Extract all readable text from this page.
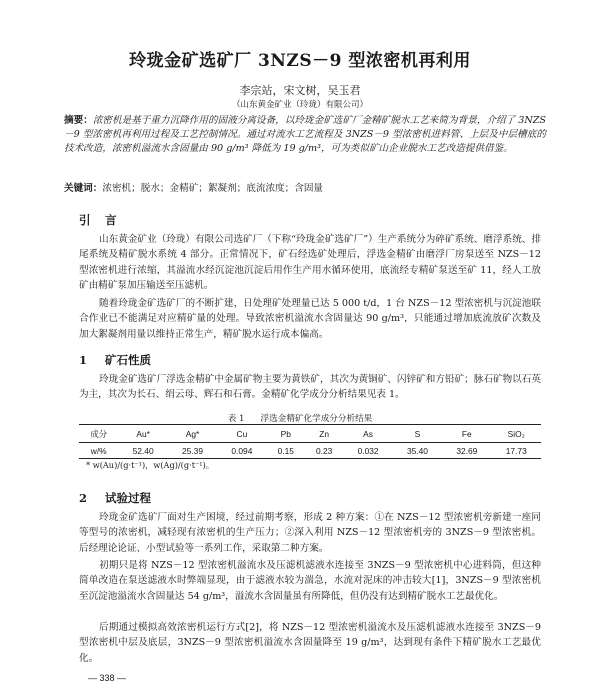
玲珑金矿选矿厂 3NZS－9 型浓密机再利用
李宗站，宋文树，吴玉君
（山东黄金矿业（玲珑）有限公司）
摘要：浓密机是基于重力沉降作用的固液分离设备，以玲珑金矿选矿厂金精矿脱水工艺来简为背景，介绍了 3NZS－9 型浓密机再利用过程及工艺控制情况。通过对流水工艺流程及 3NZS－9 型浓密机进料管、上层及中层槽底的技术改造，浓密机溢流水含固量由 90 g/m³ 降低为 19 g/m³，可为类似矿山企业脱水工艺改造提供借鉴。
关键词：浓密机；脱水；金精矿；絮凝剂；底流浓度；含固量
引 言
山东黄金矿业（玲珑）有限公司选矿厂（下称“玲珑金矿选矿厂”）生产系统分为碎矿系统、磨浮系统、排尾系统及精矿脱水系统 4 部分。正常情况下，矿石经选矿处理后，浮选金精矿由磨浮厂房泵送至 NZS－12 型浓密机进行浓缩，其溢流水经沉淀池沉淀后用作生产用水循环使用，底流经专精矿泵送至矿 11，经人工放矿由精矿泵加压输送至压滤机。
随着玲珑金矿选矿厂的不断扩建，日处理矿处理量已达 5 000 t/d，1 台 NZS－12 型浓密机与沉淀池联合作业已不能满足对应精矿量的处理。导致浓密机溢流水含固量达 90 g/m³，只能通过增加底流放矿次数及加大絮凝剂用量以维持正常生产，精矿脱水运行成本偏高。
1 矿石性质
玲珑金矿选矿厂浮选金精矿中金属矿物主要为黄铁矿，其次为黄铜矿、闪锌矿和方铅矿；脉石矿物以石英为主，其次为长石、绢云母、辉石和石膏。金精矿化学成分分析结果见表 1。
表 1 浮选金精矿化学成分分析结果
成分	Au*	Ag*	Cu	Pb	Zn	As	S	Fe	SiO₂
w/%	52.40	25.39	0.094	0.15	0.23	0.032	35.40	32.69	17.73
* w(Au)/(g·t⁻¹)，w(Ag)/(g·t⁻¹)。
2 试验过程
玲珑金矿选矿厂面对生产困境，经过前期考察，形成 2 种方案：①在 NZS－12 型浓密机旁新建一座同等型号的浓密机，减轻现有浓密机的生产压力；②深入利用 NZS－12 型浓密机旁的 3NZS－9 型浓密机。后经理论论证、小型试验等一系列工作，采取第二种方案。
初期只是将 NZS－12 型浓密机溢流水及压滤机滤液水连接至 3NZS－9 型浓密机中心进料筒，但这种简单改造在泵送滤液水时弊端显现，由于滤液水较为湍急，水流对泥床的冲击较大[1]，3NZS－9 型浓密机至沉淀池溢流水含固量达 54 g/m³，溢流水含固量虽有所降低，但仍没有达到精矿脱水工艺最优化。
后期通过模拟高效浓密机运行方式[2]，将 NZS－12 型浓密机溢流水及压滤机滤液水连接至 3NZS－9 型浓密机中层及底层，3NZS－9 型浓密机溢流水含固量降至 19 g/m³，达到现有条件下精矿脱水工艺最优化。
— 338 —
